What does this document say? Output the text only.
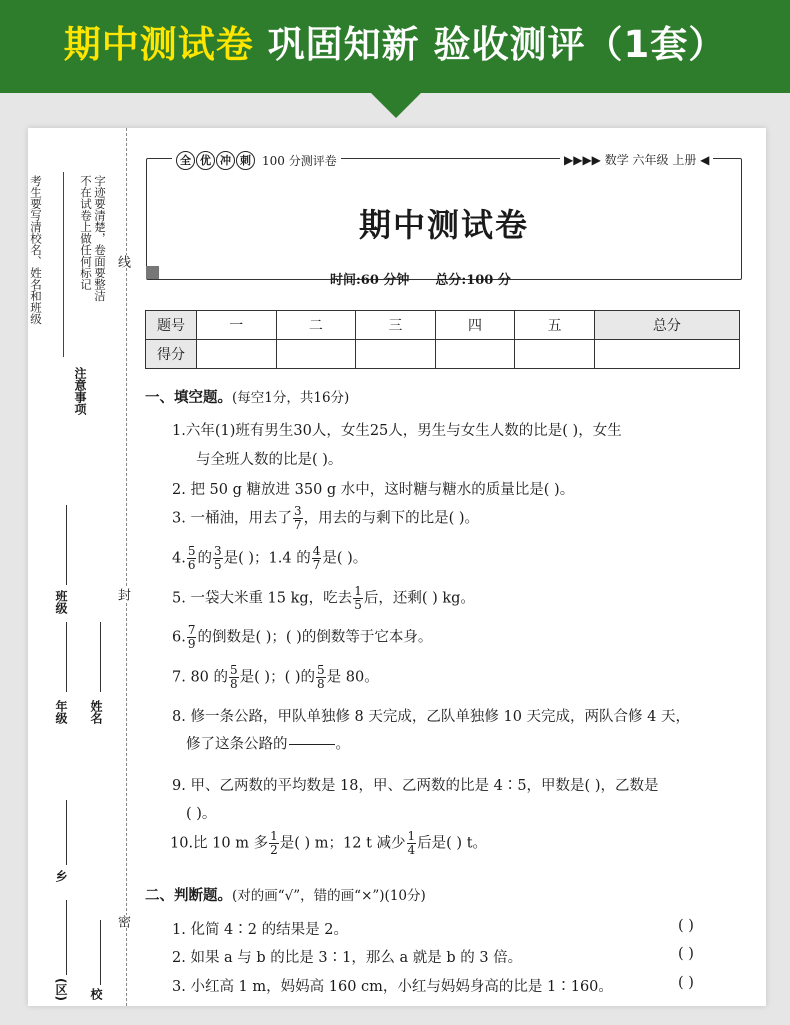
期中测试卷 巩固知新 验收测评（1套）
考生要写清校名、姓名和班级	不在试卷上做任何标记 字迹要清楚，卷面要整洁
注意事项
线
封
密
班级
年级 姓名
乡
(区) 校
全 优 冲 刺 100 分测评卷	▶▶▶▶ 数学 六年级 上册 ◀
期中测试卷
时间:60 分钟 总分:100 分
题号	一	二	三	四	五	总分
得分						
一、填空题。(每空1分，共16分)
1.六年(1)班有男生30人，女生25人，男生与女生人数的比是( )，女生
与全班人数的比是( )。
2. 把 50 g 糖放进 350 g 水中，这时糖与糖水的质量比是( )。
3. 一桶油，用去了 $\frac{3}{7}$ ，用去的与剩下的比是( )。
4. $\frac{5}{6}$ 的 $\frac{3}{5}$ 是( )；1.4 的 $\frac{4}{7}$ 是( )。
5. 一袋大米重 15 kg，吃去 $\frac{1}{5}$ 后，还剩( ) kg。
6. $\frac{7}{9}$ 的倒数是( )；( )的倒数等于它本身。
7. 80 的 $\frac{5}{8}$ 是( )；( )的 $\frac{5}{8}$ 是 80。
8. 修一条公路，甲队单独修 8 天完成，乙队单独修 10 天完成，两队合修 4 天，
修了这条公路的	。
9. 甲、乙两数的平均数是 18，甲、乙两数的比是 4∶5，甲数是( )，乙数是
( )。
10.比 10 m 多 $\frac{1}{2}$ 是( ) m；12 t 减少 $\frac{1}{4}$ 后是( ) t。
二、判断题。(对的画“√”，错的画“×”)(10分)
1. 化简 4∶2 的结果是 2。	( )
2. 如果 a 与 b 的比是 3∶1，那么 a 就是 b 的 3 倍。	( )
3. 小红高 1 m，妈妈高 160 cm，小红与妈妈身高的比是 1∶160。	( )
